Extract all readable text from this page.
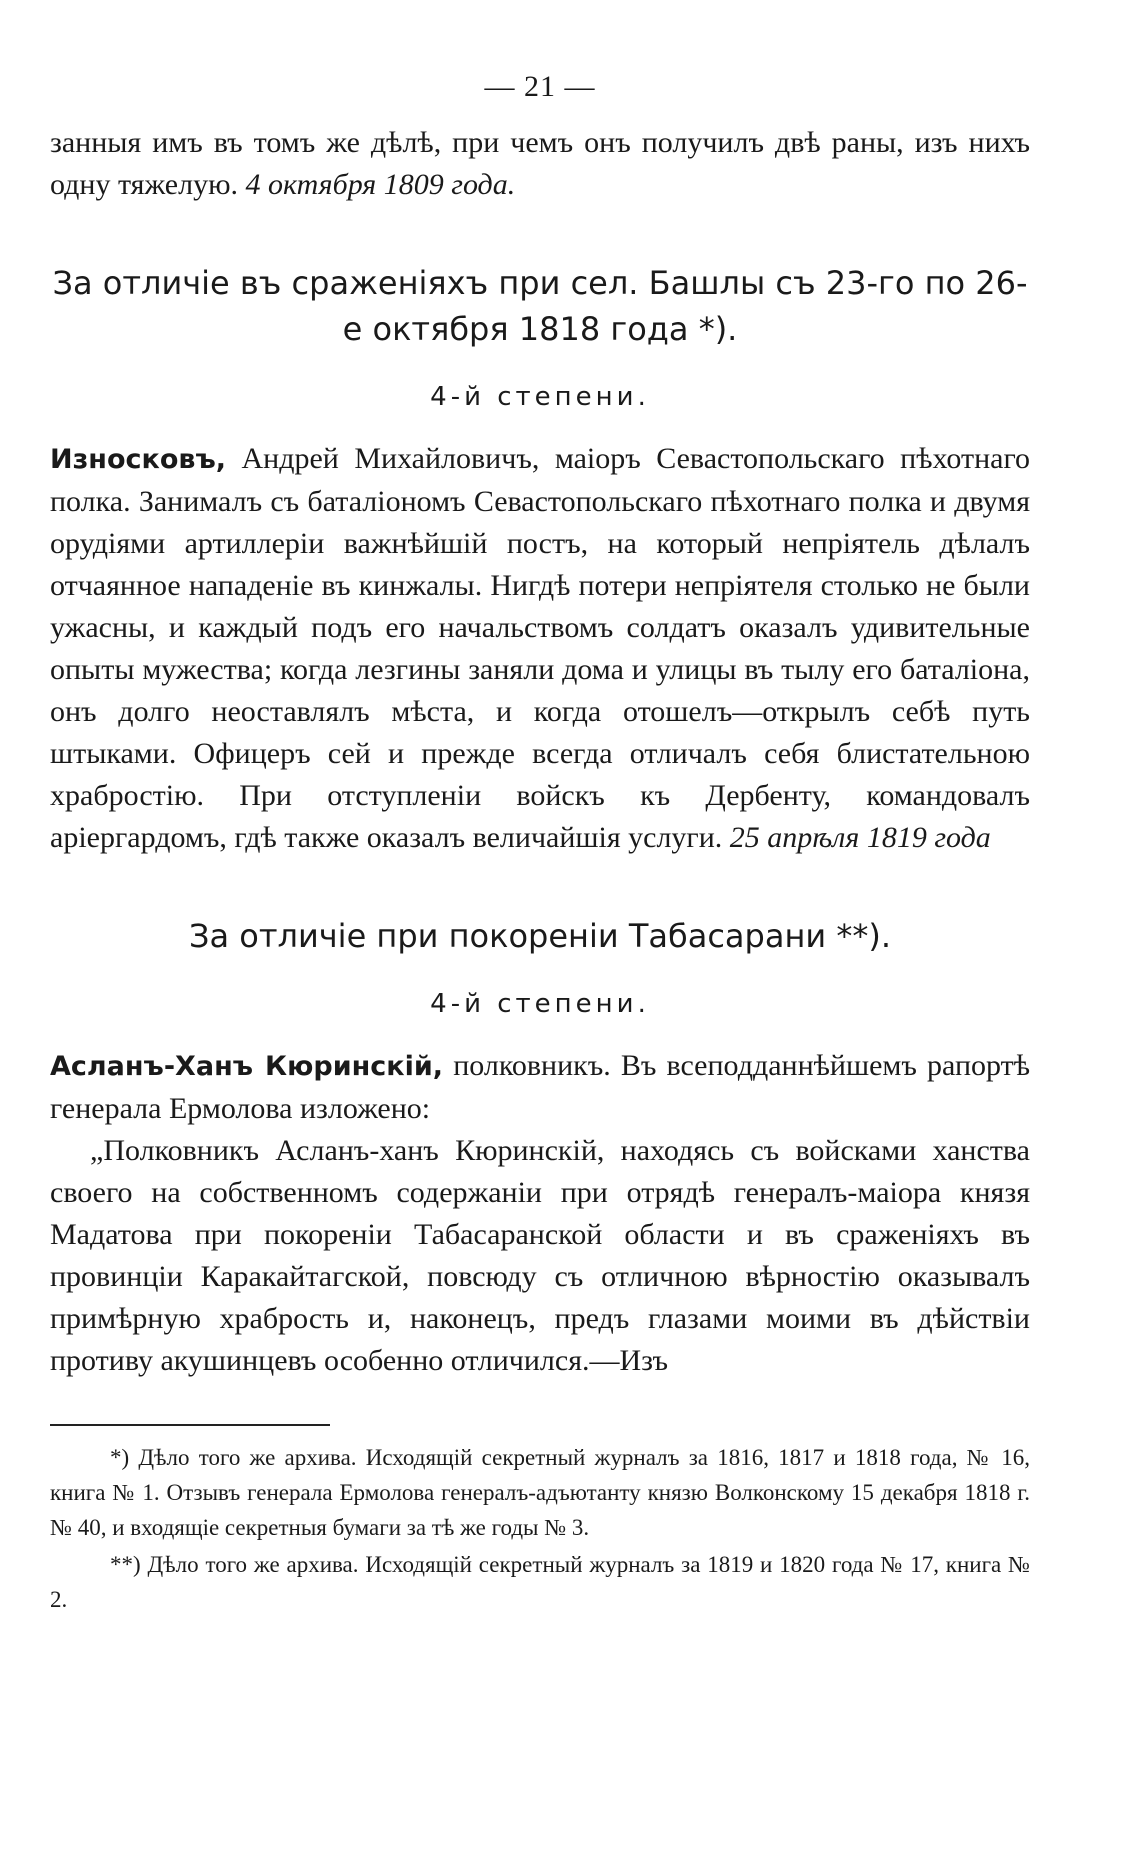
— 21 —

занныя имъ въ томъ же дѣлѣ, при чемъ онъ получилъ двѣ раны, изъ нихъ одну тяжелую. 4 октября 1809 года.

За отличіе въ сраженіяхъ при сел. Башлы съ 23-го по 26-е октября 1818 года *).
4-й степени.

Износковъ, Андрей Михайловичъ, маіоръ Севастопольскаго пѣхотнаго полка. Занималъ съ баталіономъ Севастопольскаго пѣхотнаго полка и двумя орудіями артиллеріи важнѣйшій постъ, на который непріятель дѣлалъ отчаянное нападеніе въ кинжалы. Нигдѣ потери непріятеля столько не были ужасны, и каждый подъ его начальствомъ солдатъ оказалъ удивительные опыты мужества; когда лезгины заняли дома и улицы въ тылу его баталіона, онъ долго неоставлялъ мѣста, и когда отошелъ—открылъ себѣ путь штыками. Офицеръ сей и прежде всегда отличалъ себя блистательною храбростію. При отступленіи войскъ къ Дербенту, командовалъ аріергардомъ, гдѣ также оказалъ величайшія услуги. 25 апрѣля 1819 года

За отличіе при покореніи Табасарани **).
4-й степени.

Асланъ-Ханъ Кюринскій, полковникъ. Въ всеподданнѣйшемъ рапортѣ генерала Ермолова изложено:

„Полковникъ Асланъ-ханъ Кюринскій, находясь съ войсками ханства своего на собственномъ содержаніи при отрядѣ генералъ-маіора князя Мадатова при покореніи Табасаранской области и въ сраженіяхъ въ провинціи Каракайтагской, повсюду съ отличною вѣрностію оказывалъ примѣрную храбрость и, наконецъ, предъ глазами моими въ дѣйствіи противу акушинцевъ особенно отличился.—Изъ

*) Дѣло того же архива. Исходящій секретный журналъ за 1816, 1817 и 1818 года, № 16, книга № 1. Отзывъ генерала Ермолова генералъ-адъютанту князю Волконскому 15 декабря 1818 г. № 40, и входящіе секретныя бумаги за тѣ же годы № 3.

**) Дѣло того же архива. Исходящій секретный журналъ за 1819 и 1820 года № 17, книга № 2.
